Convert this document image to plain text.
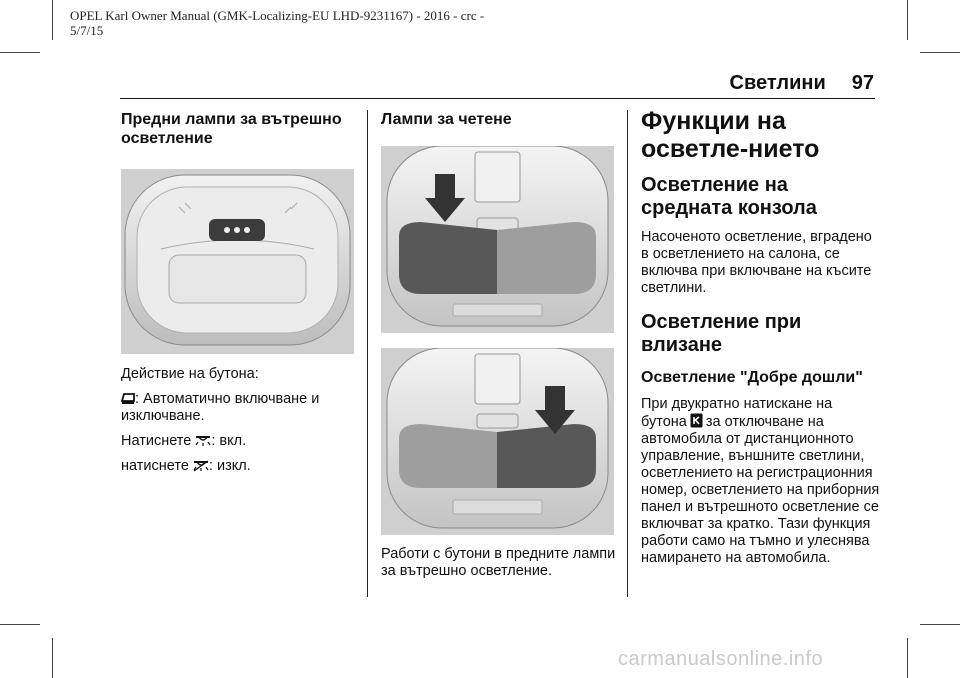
OPEL Karl Owner Manual (GMK-Localizing-EU LHD-9231167) - 2016 - crc -
5/7/15
Светлини 97
Предни лампи за вътрешно осветление

Действие на бутона:

: Автоматично включване и изключване.

Натиснете
: вкл.

натиснете
: изкл.

Лампи за четене

Работи с бутони в предните лампи за вътрешно осветление.

Функции на осветле-нието
Осветление на средната конзола

Насоченото осветление, вградено в осветлението на салона, се включва при включване на късите светлини.

Осветление при влизане
Осветление "Добре дошли"

При двукратно натискане на бутона за отключване на автомобила от дистанционното управление, външните светлини, осветлението на регистрационния номер, осветлението на приборния панел и вътрешното осветление се включват за кратко. Тази функция работи само на тъмно и улеснява намирането на автомобила.

carmanualsonline.info
